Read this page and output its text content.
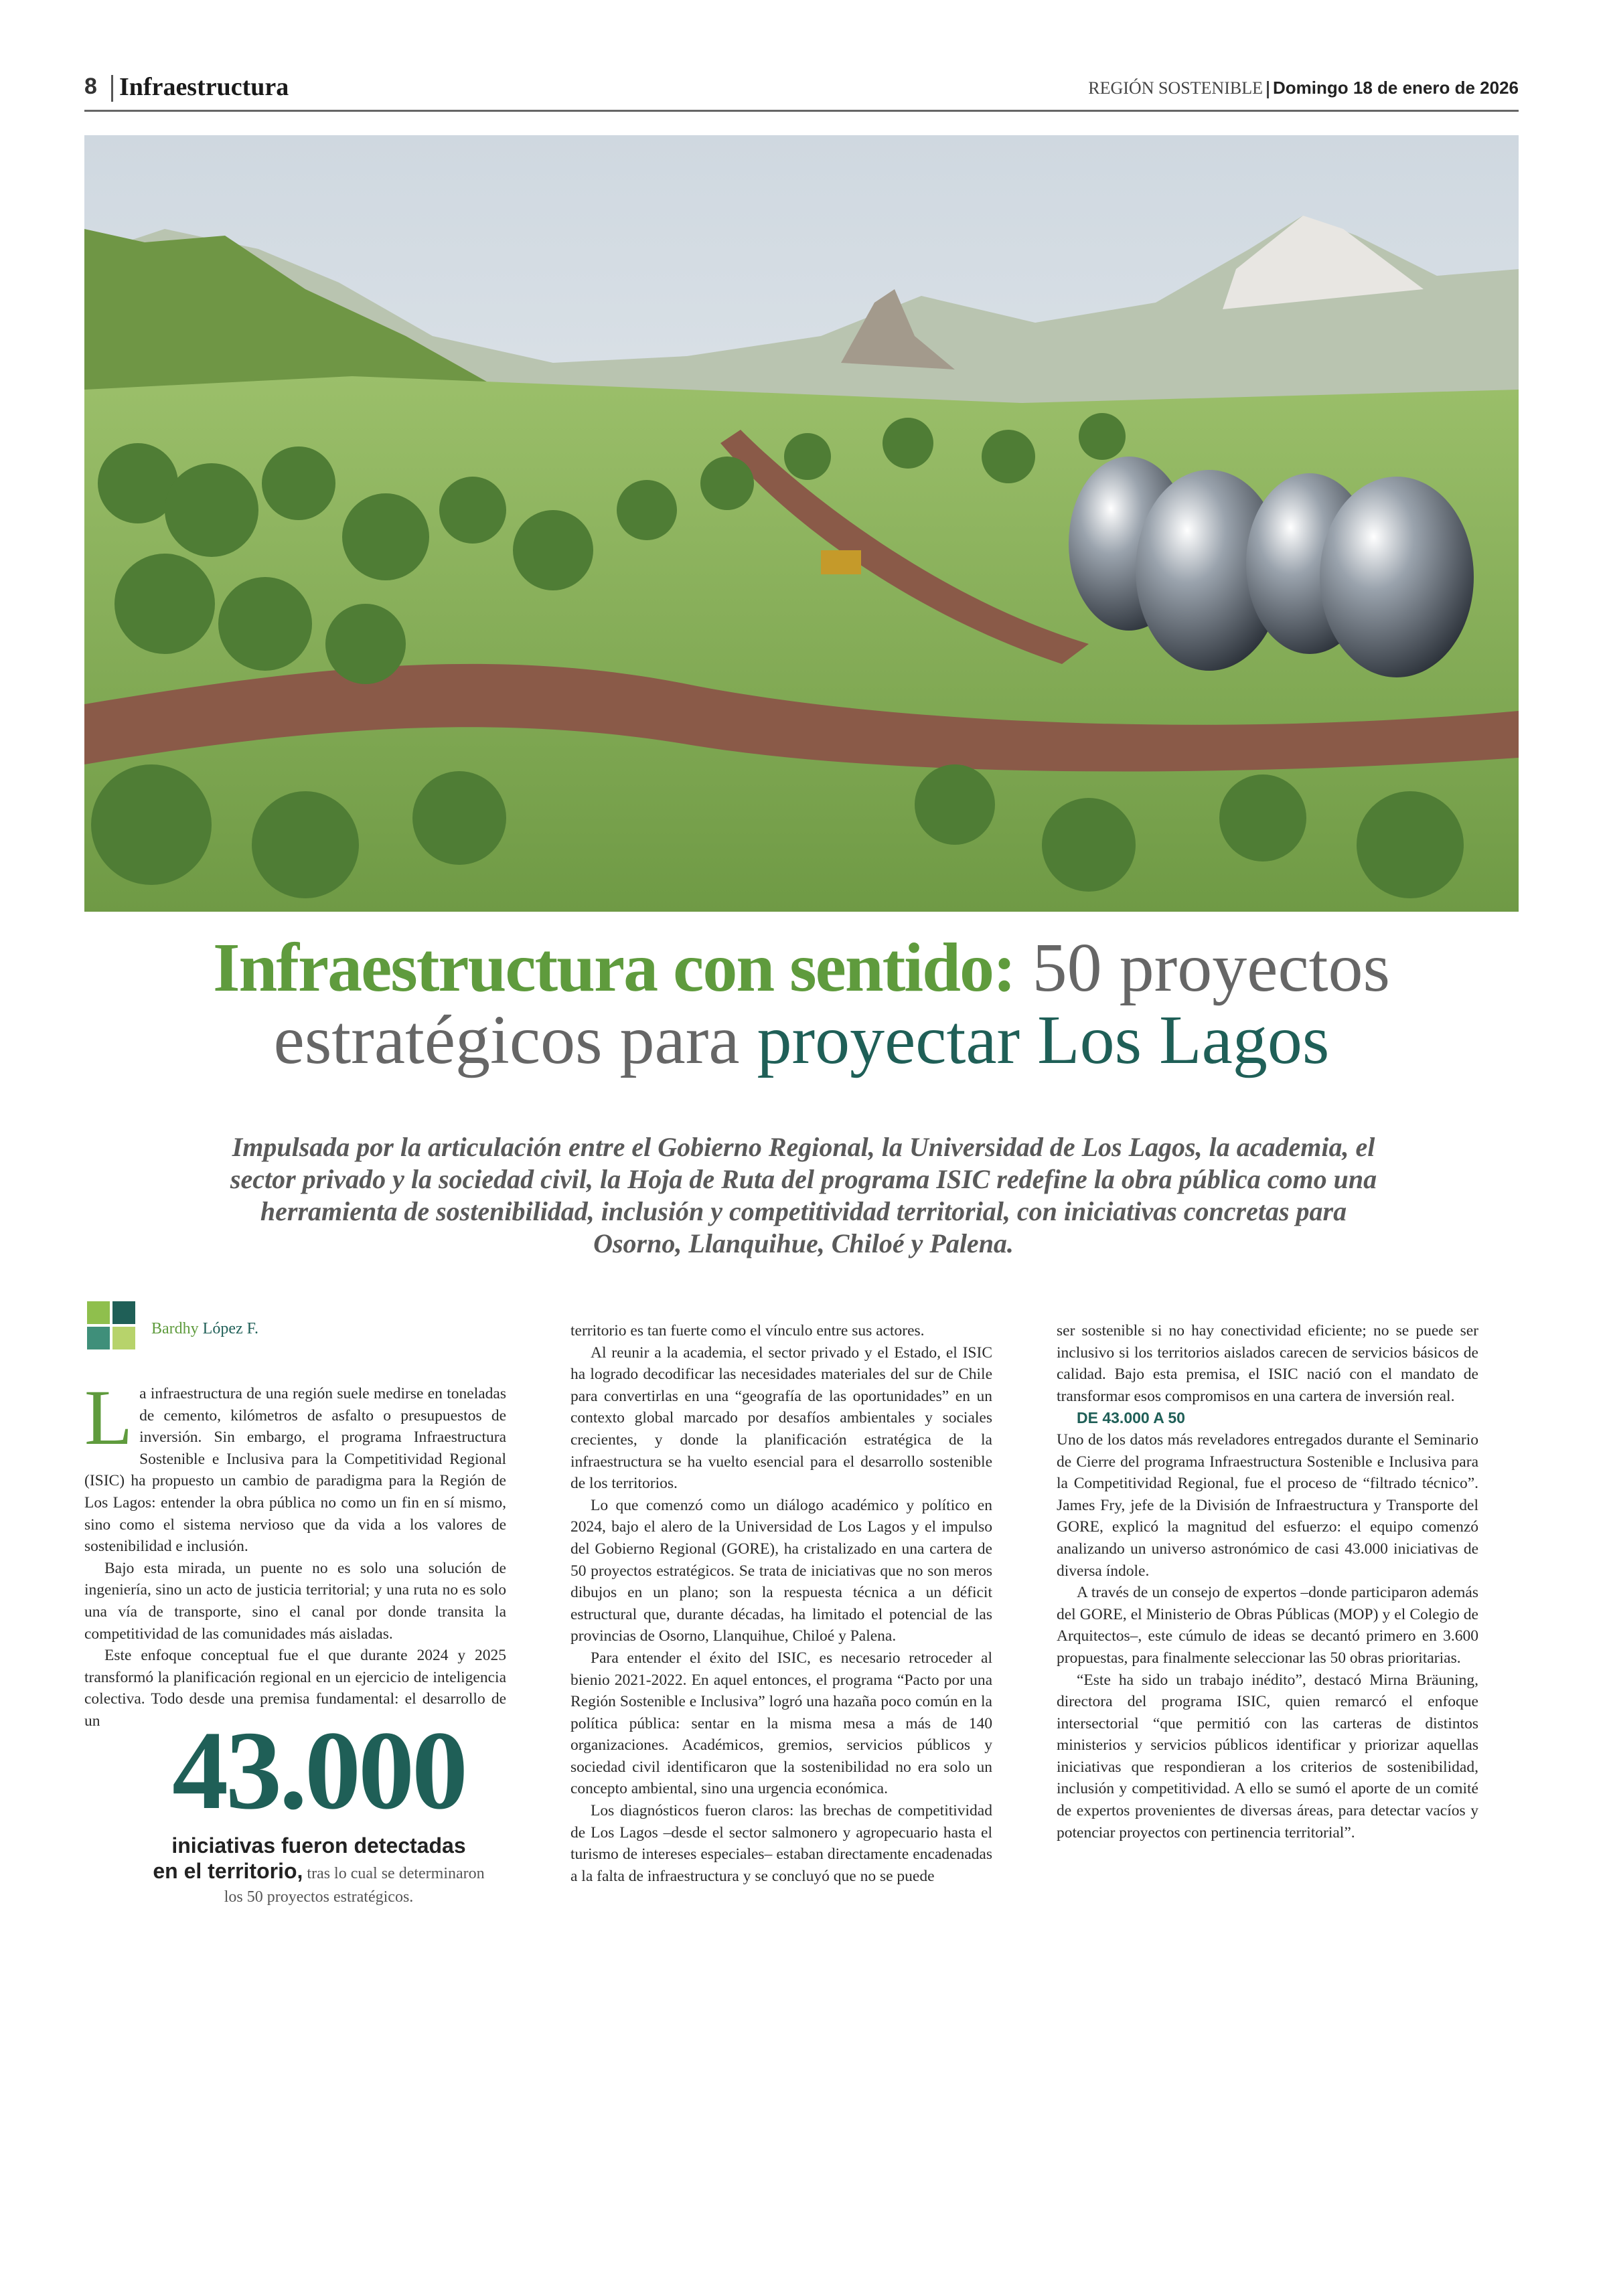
8 Infraestructura	REGIÓN SOSTENIBLE Domingo 18 de enero de 2026
Infraestructura con sentido: 50 proyectos
estratégicos para proyectar Los Lagos
Impulsada por la articulación entre el Gobierno Regional, la Universidad de Los Lagos, la academia, el sector privado y la sociedad civil, la Hoja de Ruta del programa ISIC redefine la obra pública como una herramienta de sostenibilidad, inclusión y competitividad territorial, con iniciativas concretas para Osorno, Llanquihue, Chiloé y Palena.
Bardhy López F.

La infraestructura de una región suele medirse en toneladas de cemento, kilómetros de asfalto o presupuestos de inversión. Sin embargo, el programa Infraestructura Sostenible e Inclusiva para la Competitividad Regional (ISIC) ha propuesto un cambio de paradigma para la Región de Los Lagos: entender la obra pública no como un fin en sí mismo, sino como el sistema nervioso que da vida a los valores de sostenibilidad e inclusión.

Bajo esta mirada, un puente no es solo una solución de ingeniería, sino un acto de justicia territorial; y una ruta no es solo una vía de transporte, sino el canal por donde transita la competitividad de las comunidades más aisladas.

Este enfoque conceptual fue el que durante 2024 y 2025 transformó la planificación regional en un ejercicio de inteligencia colectiva. Todo desde una premisa fundamental: el desarrollo de un 43.000
iniciativas fueron detectadas
en el territorio, tras lo cual se determinaron
los 50 proyectos estratégicos.

territorio es tan fuerte como el vínculo entre sus actores.

Al reunir a la academia, el sector privado y el Estado, el ISIC ha logrado decodificar las necesidades materiales del sur de Chile para convertirlas en una “geografía de las oportunidades” en un contexto global marcado por desafíos ambientales y sociales crecientes, y donde la planificación estratégica de la infraestructura se ha vuelto esencial para el desarrollo sostenible de los territorios.

Lo que comenzó como un diálogo académico y político en 2024, bajo el alero de la Universidad de Los Lagos y el impulso del Gobierno Regional (GORE), ha cristalizado en una cartera de 50 proyectos estratégicos. Se trata de iniciativas que no son meros dibujos en un plano; son la respuesta técnica a un déficit estructural que, durante décadas, ha limitado el potencial de las provincias de Osorno, Llanquihue, Chiloé y Palena.

Para entender el éxito del ISIC, es necesario retroceder al bienio 2021-2022. En aquel entonces, el programa “Pacto por una Región Sostenible e Inclusiva” logró una hazaña poco común en la política pública: sentar en la misma mesa a más de 140 organizaciones. Académicos, gremios, servicios públicos y sociedad civil identificaron que la sostenibilidad no era solo un concepto ambiental, sino una urgencia económica.

Los diagnósticos fueron claros: las brechas de competitividad de Los Lagos –desde el sector salmonero y agropecuario hasta el turismo de intereses especiales– estaban directamente encadenadas a la falta de infraestructura y se concluyó que no se puede

ser sostenible si no hay conectividad eficiente; no se puede ser inclusivo si los territorios aislados carecen de servicios básicos de calidad. Bajo esta premisa, el ISIC nació con el mandato de transformar esos compromisos en una cartera de inversión real.

DE 43.000 A 50

Uno de los datos más reveladores entregados durante el Seminario de Cierre del programa Infraestructura Sostenible e Inclusiva para la Competitividad Regional, fue el proceso de “filtrado técnico”. James Fry, jefe de la División de Infraestructura y Transporte del GORE, explicó la magnitud del esfuerzo: el equipo comenzó analizando un universo astronómico de casi 43.000 iniciativas de diversa índole.

A través de un consejo de expertos –donde participaron además del GORE, el Ministerio de Obras Públicas (MOP) y el Colegio de Arquitectos–, este cúmulo de ideas se decantó primero en 3.600 propuestas, para finalmente seleccionar las 50 obras prioritarias.

“Este ha sido un trabajo inédito”, destacó Mirna Bräuning, directora del programa ISIC, quien remarcó el enfoque intersectorial “que permitió con las carteras de distintos ministerios y servicios públicos identificar y priorizar aquellas iniciativas que respondieran a los criterios de sostenibilidad, inclusión y competitividad. A ello se sumó el aporte de un comité de expertos provenientes de diversas áreas, para detectar vacíos y potenciar proyectos con pertinencia territorial”.
